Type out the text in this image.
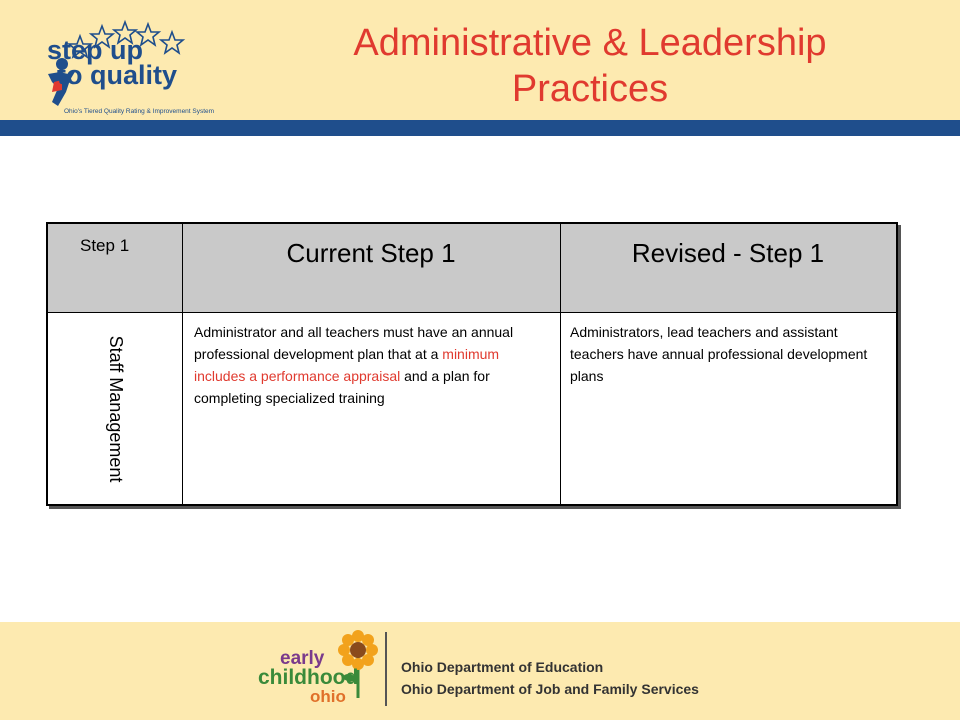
step up
to quality
Ohio's Tiered Quality Rating & Improvement System
Administrative & Leadership
Practices
Step 1	Current Step 1	Revised - Step 1
Staff Management
Administrator and all teachers must have an annual professional development plan that at a minimum includes a performance appraisal and a plan for completing specialized training
Administrators, lead teachers and assistant teachers have annual professional development plans
early
childhood
ohio
Ohio Department of Education
Ohio Department of Job and Family Services
